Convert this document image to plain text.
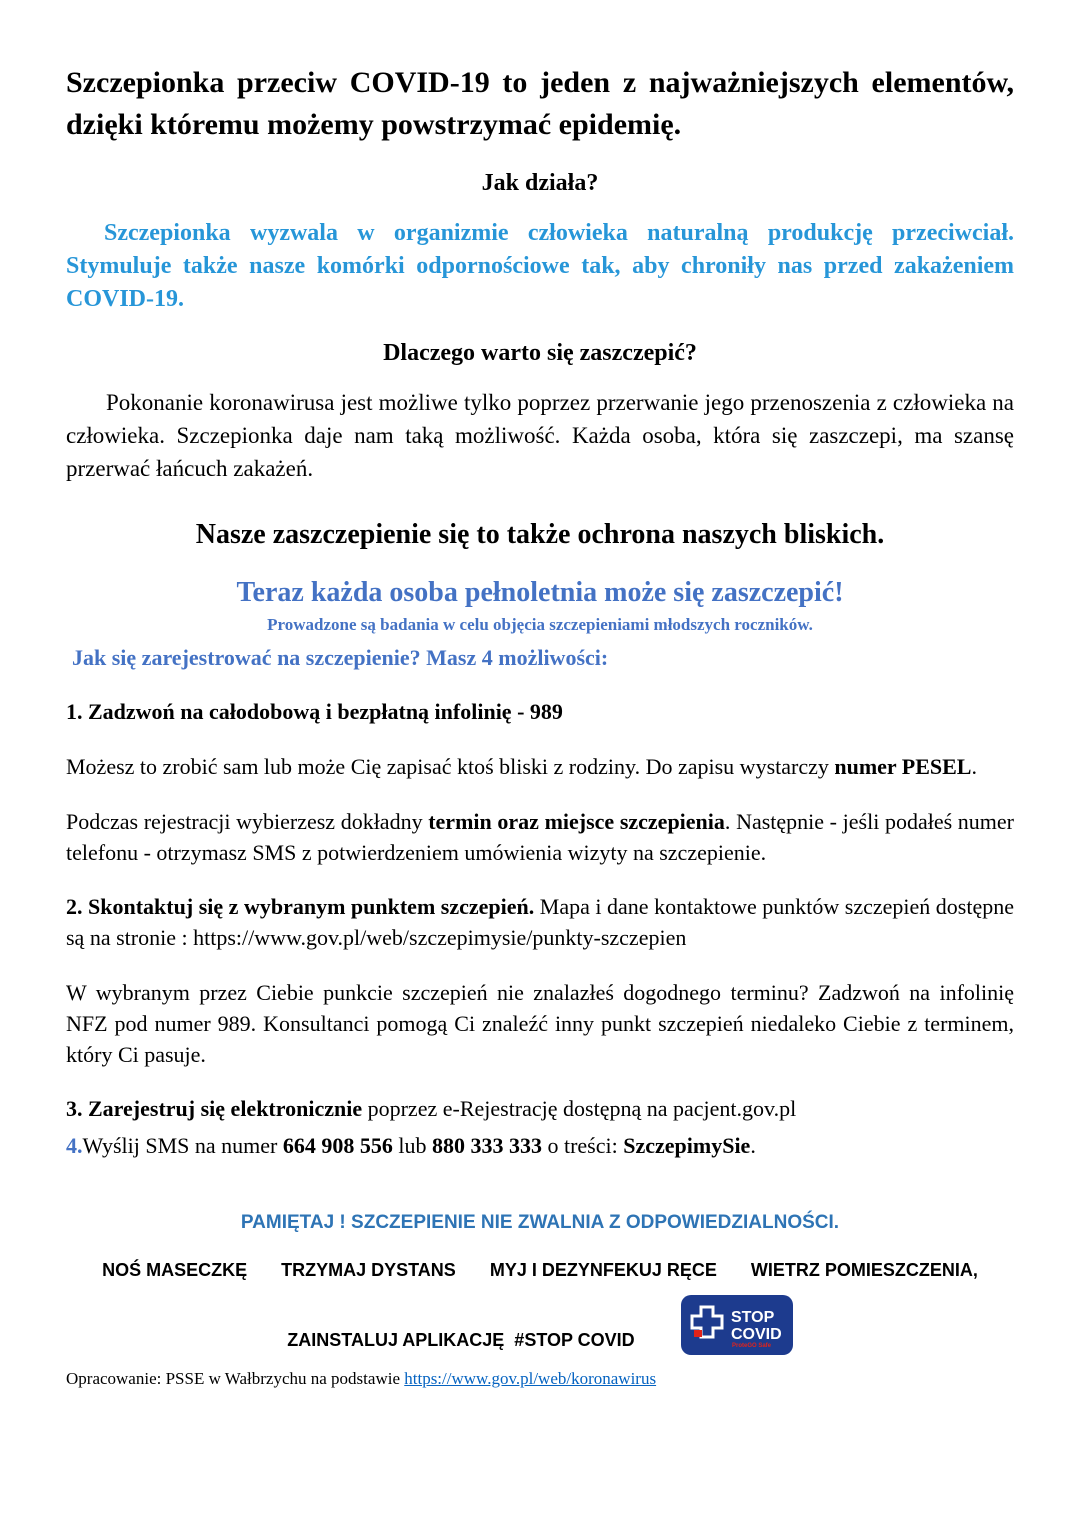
Szczepionka przeciw COVID-19 to jeden z najważniejszych elementów, dzięki któremu możemy powstrzymać epidemię.
Jak działa?

Szczepionka wyzwala w organizmie człowieka naturalną produkcję przeciwciał. Stymuluje także nasze komórki odpornościowe tak, aby chroniły nas przed zakażeniem COVID-19.

Dlaczego warto się zaszczepić?

Pokonanie koronawirusa jest możliwe tylko poprzez przerwanie jego przenoszenia z człowieka na człowieka. Szczepionka daje nam taką możliwość. Każda osoba, która się zaszczepi, ma szansę przerwać łańcuch zakażeń.

Nasze zaszczepienie się to także ochrona naszych bliskich.
Teraz każda osoba pełnoletnia może się zaszczepić!

Prowadzone są badania w celu objęcia szczepieniami młodszych roczników.

Jak się zarejestrować na szczepienie? Masz 4 możliwości:

1. Zadzwoń na całodobową i bezpłatną infolinię - 989

Możesz to zrobić sam lub może Cię zapisać ktoś bliski z rodziny. Do zapisu wystarczy numer PESEL.

Podczas rejestracji wybierzesz dokładny termin oraz miejsce szczepienia. Następnie - jeśli podałeś numer telefonu - otrzymasz SMS z potwierdzeniem umówienia wizyty na szczepienie.

2. Skontaktuj się z wybranym punktem szczepień. Mapa i dane kontaktowe punktów szczepień dostępne są na stronie : https://www.gov.pl/web/szczepimysie/punkty-szczepien

W wybranym przez Ciebie punkcie szczepień nie znalazłeś dogodnego terminu? Zadzwoń na infolinię NFZ pod numer 989. Konsultanci pomogą Ci znaleźć inny punkt szczepień niedaleko Ciebie z terminem, który Ci pasuje.

3. Zarejestruj się elektronicznie poprzez e-Rejestrację dostępną na pacjent.gov.pl

4.Wyślij SMS na numer 664 908 556 lub 880 333 333 o treści: SzczepimySie.

PAMIĘTAJ ! SZCZEPIENIE NIE ZWALNIA Z ODPOWIEDZIALNOŚCI.

NOŚ MASECZKĘ TRZYMAJ DYSTANS MYJ I DEZYNFEKUJ RĘCE WIETRZ POMIESZCZENIA,
ZAINSTALUJ APLIKACJĘ  #STOP COVID
STOP
COVID
ProteGO Safe

Opracowanie: PSSE w Wałbrzychu na podstawie https://www.gov.pl/web/koronawirus
